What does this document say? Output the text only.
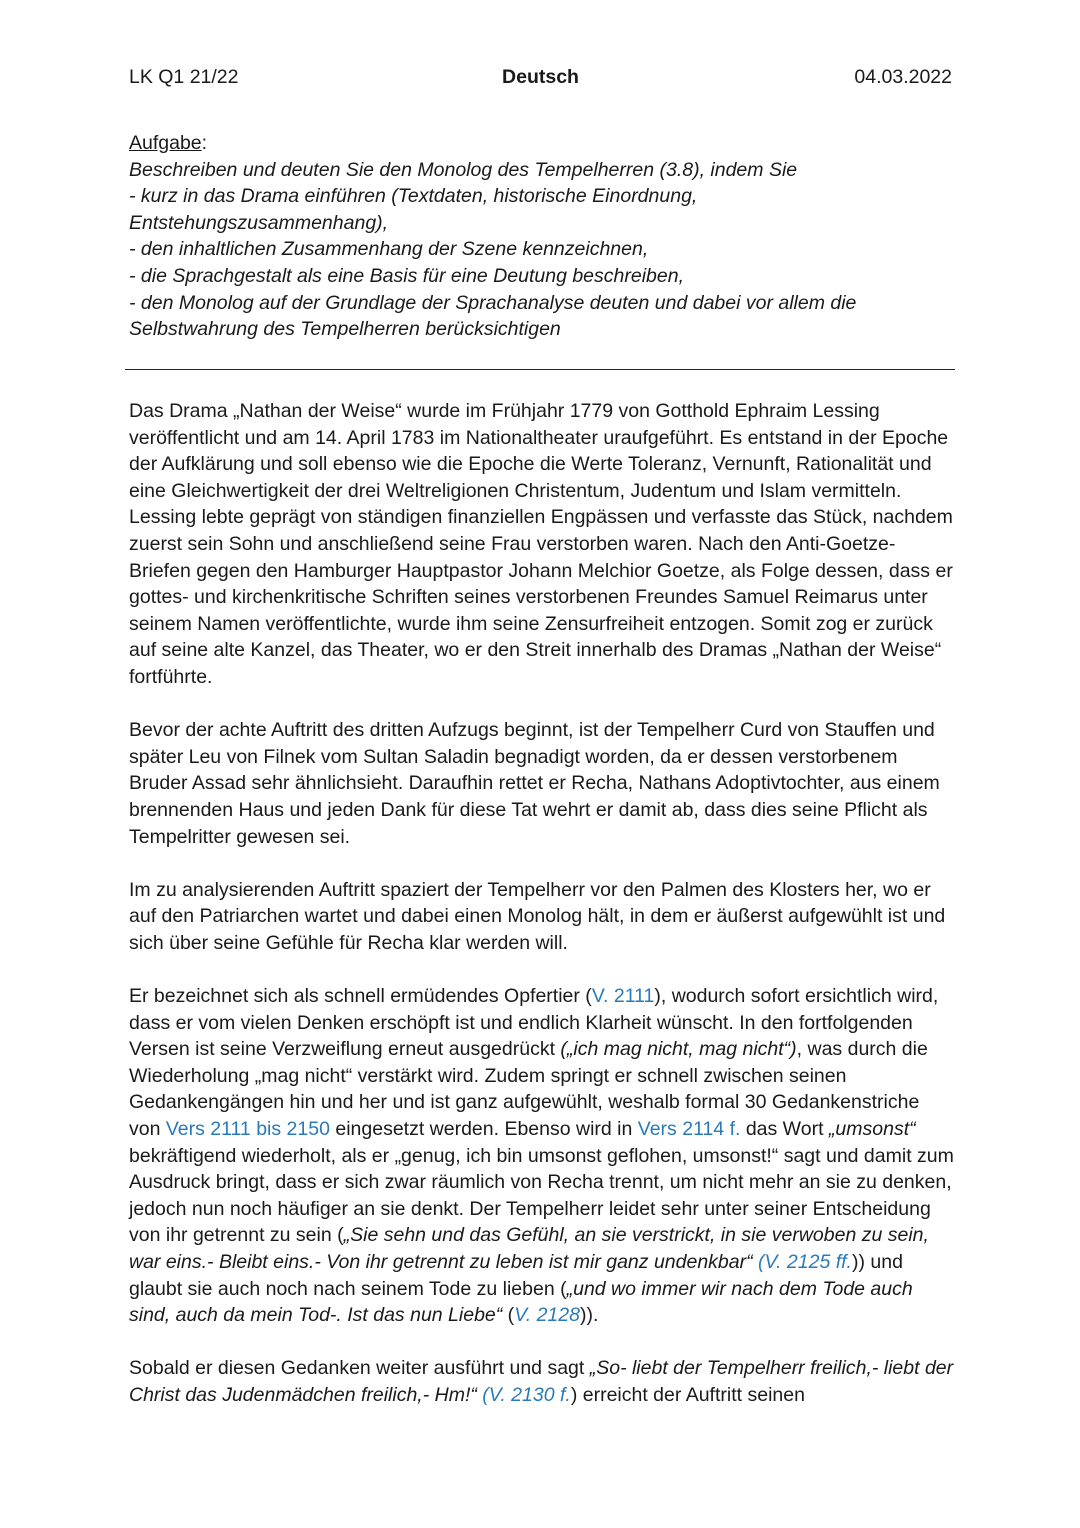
LK Q1 21/22	Deutsch	04.03.2022
Aufgabe:
Beschreiben und deuten Sie den Monolog des Tempelherren (3.8), indem Sie
- kurz in das Drama einführen (Textdaten, historische Einordnung,
Entstehungszusammenhang),
- den inhaltlichen Zusammenhang der Szene kennzeichnen,
- die Sprachgestalt als eine Basis für eine Deutung beschreiben,
- den Monolog auf der Grundlage der Sprachanalyse deuten und dabei vor allem die
Selbstwahrung des Tempelherren berücksichtigen

Das Drama „Nathan der Weise“ wurde im Frühjahr 1779 von Gotthold Ephraim Lessing veröffentlicht und am 14. April 1783 im Nationaltheater uraufgeführt. Es entstand in der Epoche der Aufklärung und soll ebenso wie die Epoche die Werte Toleranz, Vernunft, Rationalität und eine Gleichwertigkeit der drei Weltreligionen Christentum, Judentum und Islam vermitteln. Lessing lebte geprägt von ständigen finanziellen Engpässen und verfasste das Stück, nachdem zuerst sein Sohn und anschließend seine Frau verstorben waren. Nach den Anti-Goetze-Briefen gegen den Hamburger Hauptpastor Johann Melchior Goetze, als Folge dessen, dass er gottes- und kirchenkritische Schriften seines verstorbenen Freundes Samuel Reimarus unter seinem Namen veröffentlichte, wurde ihm seine Zensurfreiheit entzogen. Somit zog er zurück auf seine alte Kanzel, das Theater, wo er den Streit innerhalb des Dramas „Nathan der Weise“ fortführte.

Bevor der achte Auftritt des dritten Aufzugs beginnt, ist der Tempelherr Curd von Stauffen und später Leu von Filnek vom Sultan Saladin begnadigt worden, da er dessen verstorbenem Bruder Assad sehr ähnlichsieht. Daraufhin rettet er Recha, Nathans Adoptivtochter, aus einem brennenden Haus und jeden Dank für diese Tat wehrt er damit ab, dass dies seine Pflicht als Tempelritter gewesen sei.

Im zu analysierenden Auftritt spaziert der Tempelherr vor den Palmen des Klosters her, wo er auf den Patriarchen wartet und dabei einen Monolog hält, in dem er äußerst aufgewühlt ist und sich über seine Gefühle für Recha klar werden will.

Er bezeichnet sich als schnell ermüdendes Opfertier (V. 2111), wodurch sofort ersichtlich wird, dass er vom vielen Denken erschöpft ist und endlich Klarheit wünscht. In den fortfolgenden Versen ist seine Verzweiflung erneut ausgedrückt („ich mag nicht, mag nicht“), was durch die Wiederholung „mag nicht“ verstärkt wird. Zudem springt er schnell zwischen seinen Gedankengängen hin und her und ist ganz aufgewühlt, weshalb formal 30 Gedankenstriche von Vers 2111 bis 2150 eingesetzt werden. Ebenso wird in Vers 2114 f. das Wort „umsonst“ bekräftigend wiederholt, als er „genug, ich bin umsonst geflohen, umsonst!“ sagt und damit zum Ausdruck bringt, dass er sich zwar räumlich von Recha trennt, um nicht mehr an sie zu denken, jedoch nun noch häufiger an sie denkt. Der Tempelherr leidet sehr unter seiner Entscheidung von ihr getrennt zu sein („Sie sehn und das Gefühl, an sie verstrickt, in sie verwoben zu sein, war eins.- Bleibt eins.- Von ihr getrennt zu leben ist mir ganz undenkbar“ (V. 2125 ff.)) und glaubt sie auch noch nach seinem Tode zu lieben („und wo immer wir nach dem Tode auch sind, auch da mein Tod-. Ist das nun Liebe“ (V. 2128)).

Sobald er diesen Gedanken weiter ausführt und sagt „So- liebt der Tempelherr freilich,- liebt der Christ das Judenmädchen freilich,- Hm!“ (V. 2130 f.) erreicht der Auftritt seinen
